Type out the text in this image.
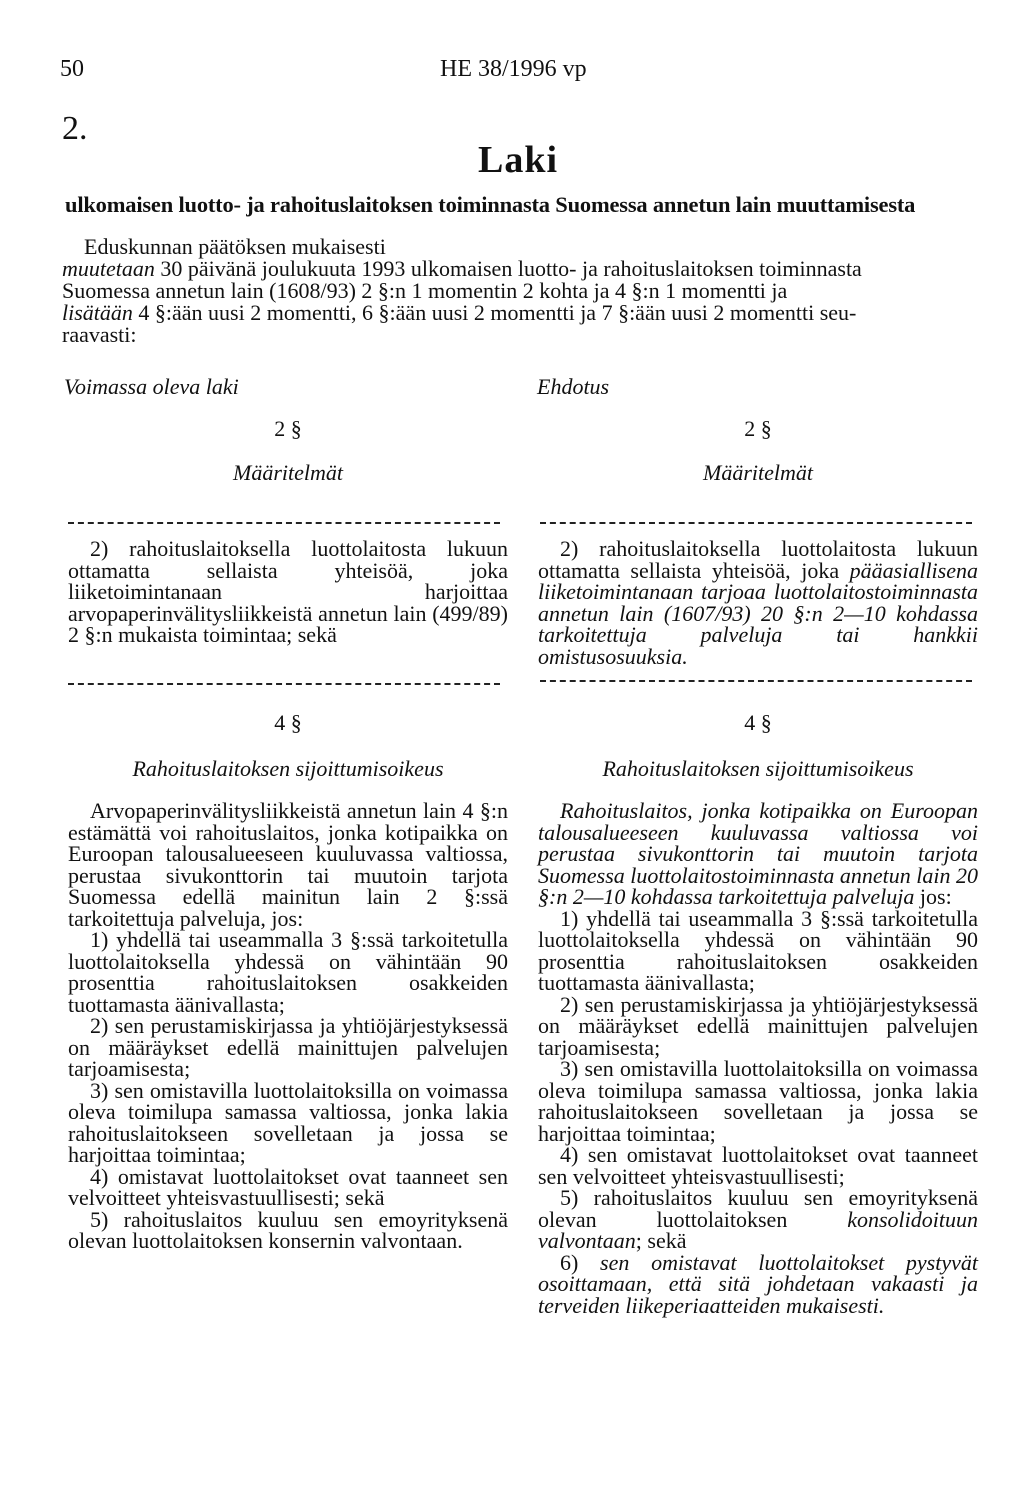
50	HE 38/1996 vp
2.
Laki
ulkomaisen luotto- ja rahoituslaitoksen toiminnasta Suomessa annetun lain muuttamisesta
Eduskunnan päätöksen mukaisesti
muutetaan 30 päivänä joulukuuta 1993 ulkomaisen luotto- ja rahoituslaitoksen toiminnasta
Suomessa annetun lain (1608/93) 2 §:n 1 momentin 2 kohta ja 4 §:n 1 momentti ja
lisätään 4 §:ään uusi 2 momentti, 6 §:ään uusi 2 momentti ja 7 §:ään uusi 2 momentti seu-
raavasti:
Voimassa oleva laki	Ehdotus
2 §
Määritelmät
2) rahoituslaitoksella luottolaitosta lukuun ottamatta sellaista yhteisöä, joka liiketoimintanaan harjoittaa arvopaperinvälitysliikkeistä annetun lain (499/89) 2 §:n mukaista toimintaa; sekä
4 §
Rahoituslaitoksen sijoittumisoikeus
Arvopaperinvälitysliikkeistä annetun lain 4 §:n estämättä voi rahoituslaitos, jonka kotipaikka on Euroopan talousalueeseen kuuluvassa valtiossa, perustaa sivukonttorin tai muutoin tarjota Suomessa edellä mainitun lain 2 §:ssä tarkoitettuja palveluja, jos:
1) yhdellä tai useammalla 3 §:ssä tarkoitetulla luottolaitoksella yhdessä on vähintään 90 prosenttia rahoituslaitoksen osakkeiden tuottamasta äänivallasta;
2) sen perustamiskirjassa ja yhtiöjärjestyksessä on määräykset edellä mainittujen palvelujen tarjoamisesta;
3) sen omistavilla luottolaitoksilla on voimassa oleva toimilupa samassa valtiossa, jonka lakia rahoituslaitokseen sovelletaan ja jossa se harjoittaa toimintaa;
4) omistavat luottolaitokset ovat taanneet sen velvoitteet yhteisvastuullisesti; sekä
5) rahoituslaitos kuuluu sen emoyrityksenä olevan luottolaitoksen konsernin valvontaan.
2 §
Määritelmät
2) rahoituslaitoksella luottolaitosta lukuun ottamatta sellaista yhteisöä, joka pääasiallisena liiketoimintanaan tarjoaa luottolaitostoiminnasta annetun lain (1607/93) 20 §:n 2—10 kohdassa tarkoitettuja palveluja tai hankkii omistusosuuksia.
4 §
Rahoituslaitoksen sijoittumisoikeus
Rahoituslaitos, jonka kotipaikka on Euroopan talousalueeseen kuuluvassa valtiossa voi perustaa sivukonttorin tai muutoin tarjota Suomessa luottolaitostoiminnasta annetun lain 20 §:n 2—10 kohdassa tarkoitettuja palveluja jos:
1) yhdellä tai useammalla 3 §:ssä tarkoitetulla luottolaitoksella yhdessä on vähintään 90 prosenttia rahoituslaitoksen osakkeiden tuottamasta äänivallasta;
2) sen perustamiskirjassa ja yhtiöjärjestyksessä on määräykset edellä mainittujen palvelujen tarjoamisesta;
3) sen omistavilla luottolaitoksilla on voimassa oleva toimilupa samassa valtiossa, jonka lakia rahoituslaitokseen sovelletaan ja jossa se harjoittaa toimintaa;
4) sen omistavat luottolaitokset ovat taanneet sen velvoitteet yhteisvastuullisesti;
5) rahoituslaitos kuuluu sen emoyrityksenä olevan luottolaitoksen konsolidoituun valvontaan; sekä
6) sen omistavat luottolaitokset pystyvät osoittamaan, että sitä johdetaan vakaasti ja terveiden liikeperiaatteiden mukaisesti.
